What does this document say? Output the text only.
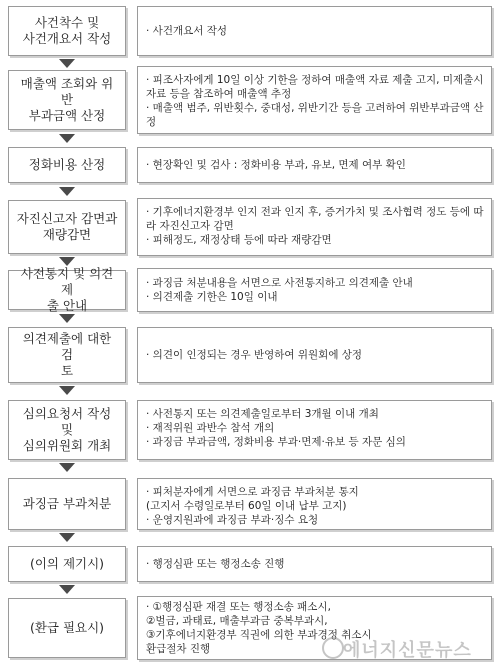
사건착수 및
사건개요서 작성	· 사건개요서 작성
매출액 조회와 위반
부과금액 산정
· 피조사자에게 10일 이상 기한을 정하여 매출액 자료 제출 고지, 미제출시 자료 등을 참조하여 매출액 추정
· 매출액 범주, 위반횟수, 중대성, 위반기간 등을 고려하여 위반부과금액 산정
정화비용 산정	· 현장확인 및 검사 : 정화비용 부과, 유보, 면제 여부 확인
자진신고자 감면과
재량감면
· 기후에너지환경부 인지 전과 인지 후, 증거가치 및 조사협력 정도 등에 따라 자진신고자 감면
· 피해정도, 재정상태 등에 따라 재량감면
사전통지 및 의견제
출 안내
· 과징금 처분내용을 서면으로 사전통지하고 의견제출 안내
· 의견제출 기한은 10일 이내
의견제출에 대한 검
토
· 의견이 인정되는 경우 반영하여 위원회에 상정
심의요청서 작성 및
심의위원회 개최
· 사전통지 또는 의견제출일로부터 3개월 이내 개최
· 재적위원 과반수 참석 개의
· 과징금 부과금액, 정화비용 부과·면제·유보 등 자문 심의
과징금 부과처분
· 피처분자에게 서면으로 과징금 부과처분 통지
(고지서 수령일로부터 60일 이내 납부 고지)
· 운영지원과에 과징금 부과·징수 요청
(이의 제기시)	· 행정심판 또는 행정소송 진행
(환급 필요시)
· ①행정심판 재결 또는 행정소송 패소시,
②벌금, 과태료, 매출부과금 중복부과시,
③기후에너지환경부 직권에 의한 부과경정 취소시
환급절차 진행	에너지신문뉴스
